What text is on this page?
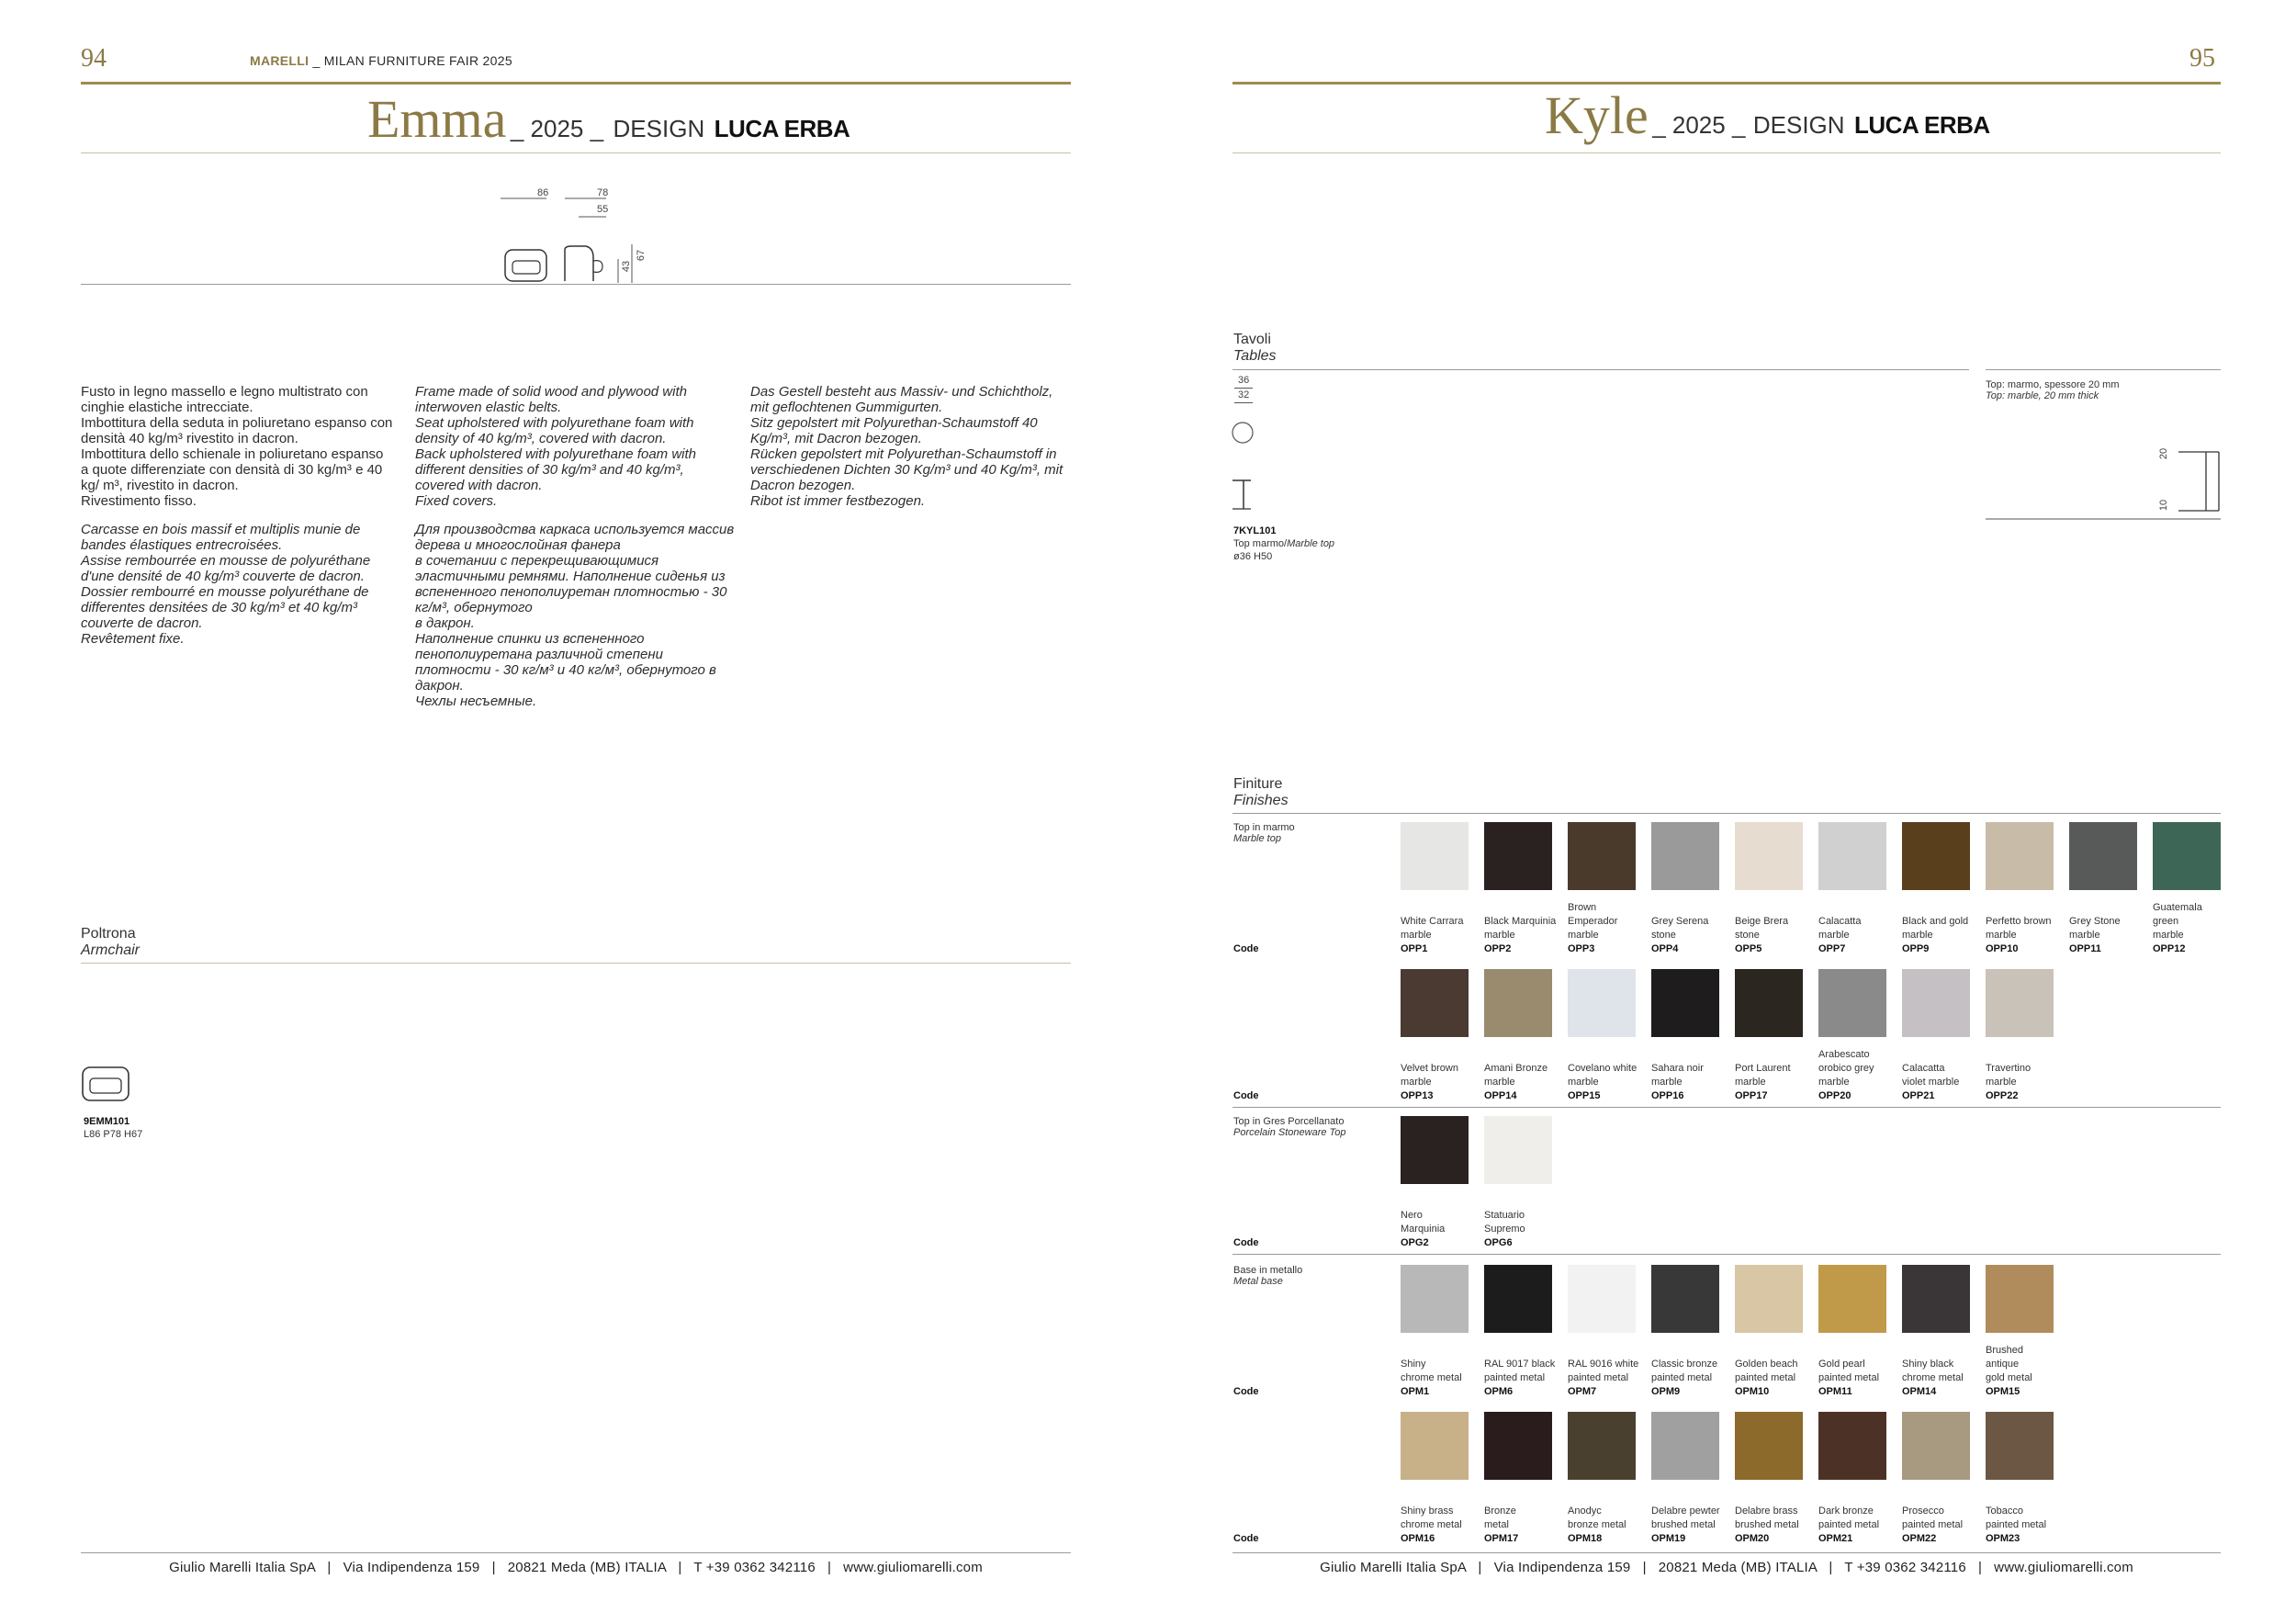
94	MARELLI _ MILAN FURNITURE FAIR 2025
Emma _ 2025 _ DESIGN LUCA ERBA
86	78
55
43
67
Fusto in legno massello e legno multistrato con cinghie elastiche intrecciate.
Imbottitura della seduta in poliuretano espanso con densità 40 kg/m³ rivestito in dacron.
Imbottitura dello schienale in poliuretano espanso a quote differenziate con densità di 30 kg/m³ e 40 kg/ m³, rivestito in dacron.
Rivestimento fisso.
Frame made of solid wood and plywood with interwoven elastic belts.
Seat upholstered with polyurethane foam with density of 40 kg/m³, covered with dacron.
Back upholstered with polyurethane foam with different densities of 30 kg/m³ and 40 kg/m³, covered with dacron.
Fixed covers.
Das Gestell besteht aus Massiv- und Schichtholz, mit geflochtenen Gummigurten.
Sitz gepolstert mit Polyurethan-Schaumstoff 40 Kg/m³, mit Dacron bezogen.
Rücken gepolstert mit Polyurethan-Schaumstoff in verschiedenen Dichten 30 Kg/m³ und 40 Kg/m³, mit Dacron bezogen.
Ribot ist immer festbezogen.
Carcasse en bois massif et multiplis munie de bandes élastiques entrecroisées.
Assise rembourrée en mousse de polyuréthane d'une densité de 40 kg/m³ couverte de dacron.
Dossier rembourré en mousse polyuréthane de differentes densitées de 30 kg/m³ et 40 kg/m³ couverte de dacron.
Revêtement fixe.
Для производства каркаса используется массив дерева и многослойная фанера
в сочетании с перекрещивающимися эластичными ремнями. Наполнение сиденья из вспененного пенополиуретан плотностью - 30 кг/м³, обернутого
в дакрон.
Наполнение спинки из вспененного пенополиуретана различной степени плотности - 30 кг/м³ и 40 кг/м³, обернутого в дакрон.
Чехлы несъемные.
Poltrona
Armchair
9EMM101
L86 P78 H67
Giulio Marelli Italia SpA   |   Via Indipendenza 159   |   20821 Meda (MB) ITALIA   |   T +39 0362 342116   |   www.giuliomarelli.com
95
Kyle _ 2025 _ DESIGN LUCA ERBA
Tavoli
Tables
36
32
7KYL101
Top marmo/Marble top
ø36 H50
Top: marmo, spessore 20 mm
Top: marble, 20 mm thick
20
10
Finiture
Finishes
Top in marmo
Marble top
Code
White Carrara
marble
OPP1
Black Marquinia
marble
OPP2
Brown
Emperador
marble
OPP3
Grey Serena
stone
OPP4
Beige Brera
stone
OPP5
Calacatta
marble
OPP7
Black and gold
marble
OPP9
Perfetto brown
marble
OPP10
Grey Stone
marble
OPP11
Guatemala
green
marble
OPP12
Code
Velvet brown
marble
OPP13
Amani Bronze
marble
OPP14
Covelano white
marble
OPP15
Sahara noir
marble
OPP16
Port Laurent
marble
OPP17
Arabescato
orobico grey
marble
OPP20
Calacatta
violet marble
OPP21
Travertino
marble
OPP22
Top in Gres Porcellanato
Porcelain Stoneware Top
Code
Nero
Marquinia
OPG2
Statuario
Supremo
OPG6
Base in metallo
Metal base
Code
Shiny
chrome metal
OPM1
RAL 9017 black
painted metal
OPM6
RAL 9016 white
painted metal
OPM7
Classic bronze
painted metal
OPM9
Golden beach
painted metal
OPM10
Gold pearl
painted metal
OPM11
Shiny black
chrome metal
OPM14
Brushed
antique
gold metal
OPM15
Code
Shiny brass
chrome metal
OPM16
Bronze
metal
OPM17
Anodyc
bronze metal
OPM18
Delabre pewter
brushed metal
OPM19
Delabre brass
brushed metal
OPM20
Dark bronze
painted metal
OPM21
Prosecco
painted metal
OPM22
Tobacco
painted metal
OPM23
Giulio Marelli Italia SpA   |   Via Indipendenza 159   |   20821 Meda (MB) ITALIA   |   T +39 0362 342116   |   www.giuliomarelli.com
